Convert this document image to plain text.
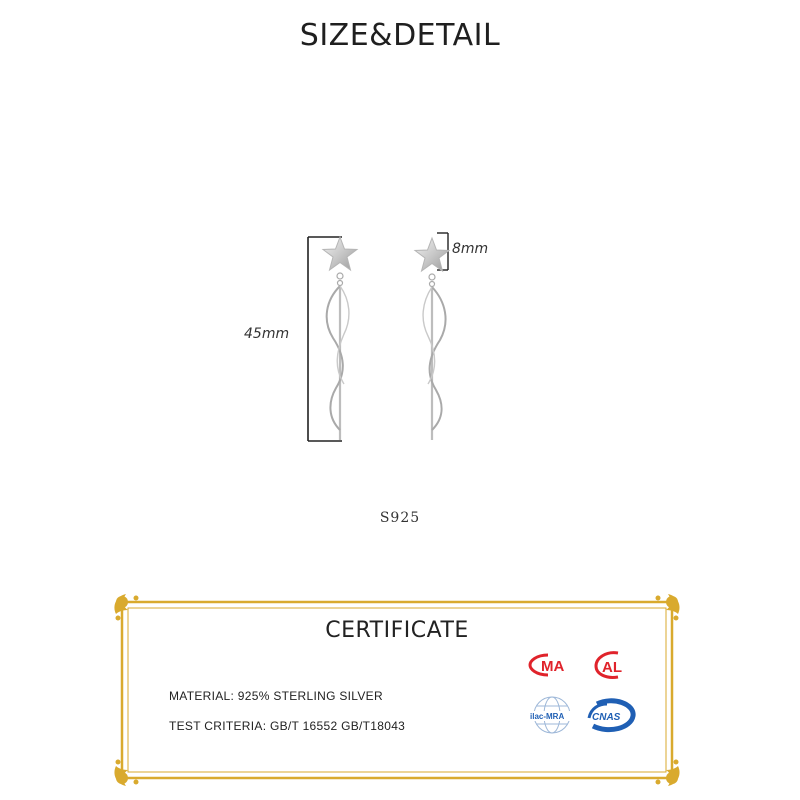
SIZE&DETAIL
45mm
8mm
S925
CERTIFICATE
MATERIAL: 925% STERLING SILVER
TEST CRITERIA: GB/T 16552 GB/T18043
MA	AL
ilac-MRA	CNAS
